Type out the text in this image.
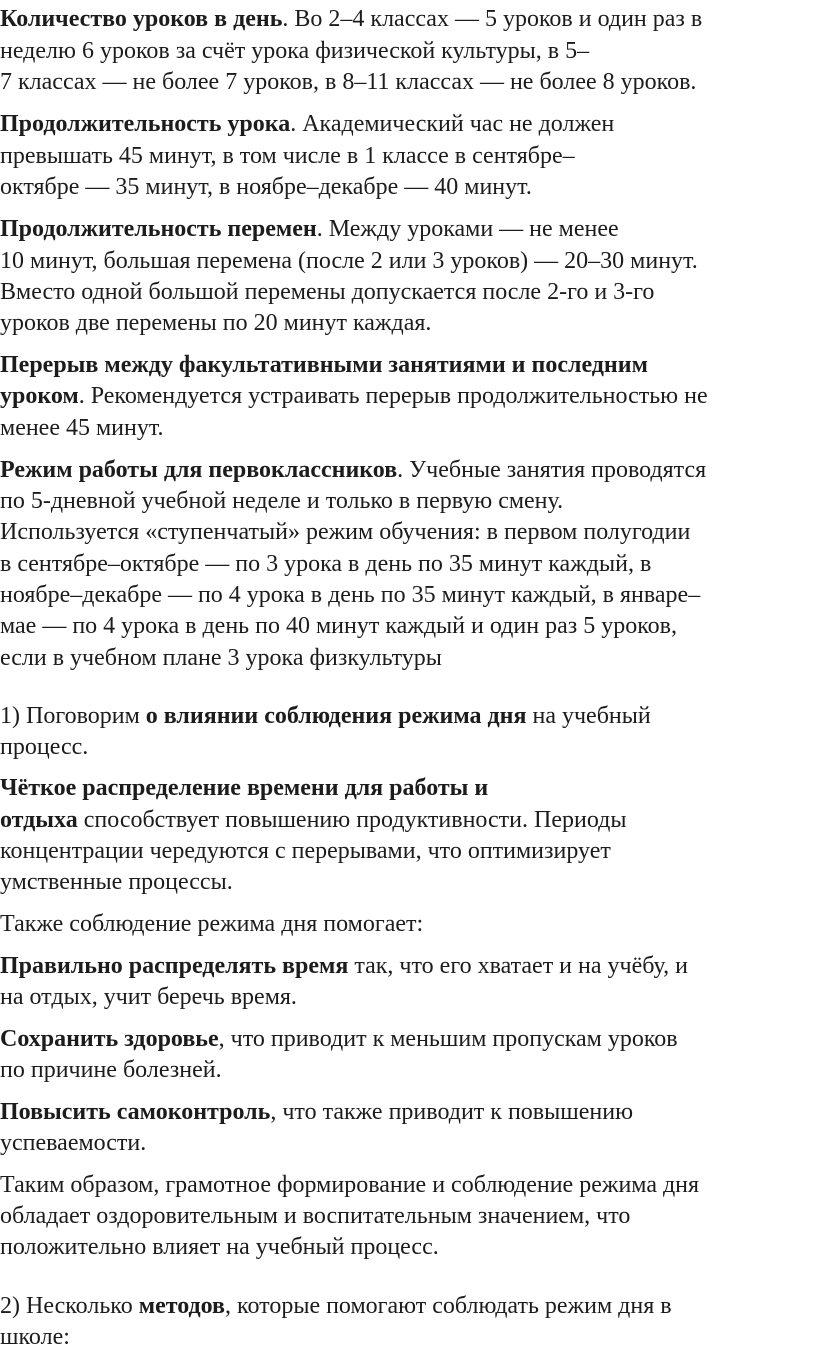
Количество уроков в день. Во 2–4 классах — 5 уроков и один раз в

неделю 6 уроков за счёт урока физической культуры, в 5–

7 классах — не более 7 уроков, в 8–11 классах — не более 8 уроков.

Продолжительность урока. Академический час не должен

превышать 45 минут, в том числе в 1 классе в сентябре–

октябре — 35 минут, в ноябре–декабре — 40 минут.

Продолжительность перемен. Между уроками — не менее

10 минут, большая перемена (после 2 или 3 уроков) — 20–30 минут.

Вместо одной большой перемены допускается после 2-го и 3-го

уроков две перемены по 20 минут каждая.

Перерыв между факультативными занятиями и последним

уроком. Рекомендуется устраивать перерыв продолжительностью не

менее 45 минут.

Режим работы для первоклассников. Учебные занятия проводятся

по 5-дневной учебной неделе и только в первую смену.

Используется «ступенчатый» режим обучения: в первом полугодии

в сентябре–октябре — по 3 урока в день по 35 минут каждый, в

ноябре–декабре — по 4 урока в день по 35 минут каждый, в январе–

мае — по 4 урока в день по 40 минут каждый и один раз 5 уроков,

если в учебном плане 3 урока физкультуры

1) Поговорим о влиянии соблюдения режима дня на учебный

процесс.

Чёткое распределение времени для работы и

отдыха способствует повышению продуктивности. Периоды

концентрации чередуются с перерывами, что оптимизирует

умственные процессы.

Также соблюдение режима дня помогает:

Правильно распределять время так, что его хватает и на учёбу, и

на отдых, учит беречь время.

Сохранить здоровье, что приводит к меньшим пропускам уроков

по причине болезней.

Повысить самоконтроль, что также приводит к повышению

успеваемости.

Таким образом, грамотное формирование и соблюдение режима дня

обладает оздоровительным и воспитательным значением, что

положительно влияет на учебный процесс.

2) Несколько методов, которые помогают соблюдать режим дня в

школе:
